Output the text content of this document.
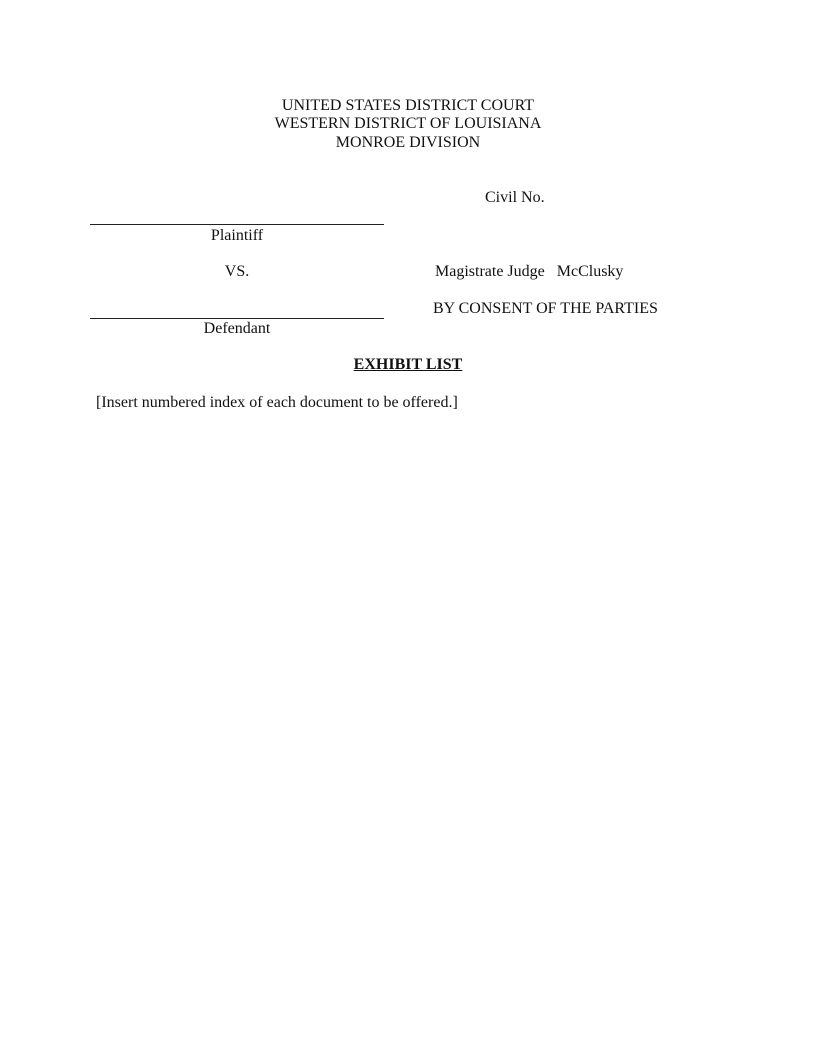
UNITED STATES DISTRICT COURT
WESTERN DISTRICT OF LOUISIANA
MONROE DIVISION
Civil No.
Plaintiff
VS.	Magistrate Judge McClusky
BY CONSENT OF THE PARTIES
Defendant
EXHIBIT LIST
[Insert numbered index of each document to be offered.]
